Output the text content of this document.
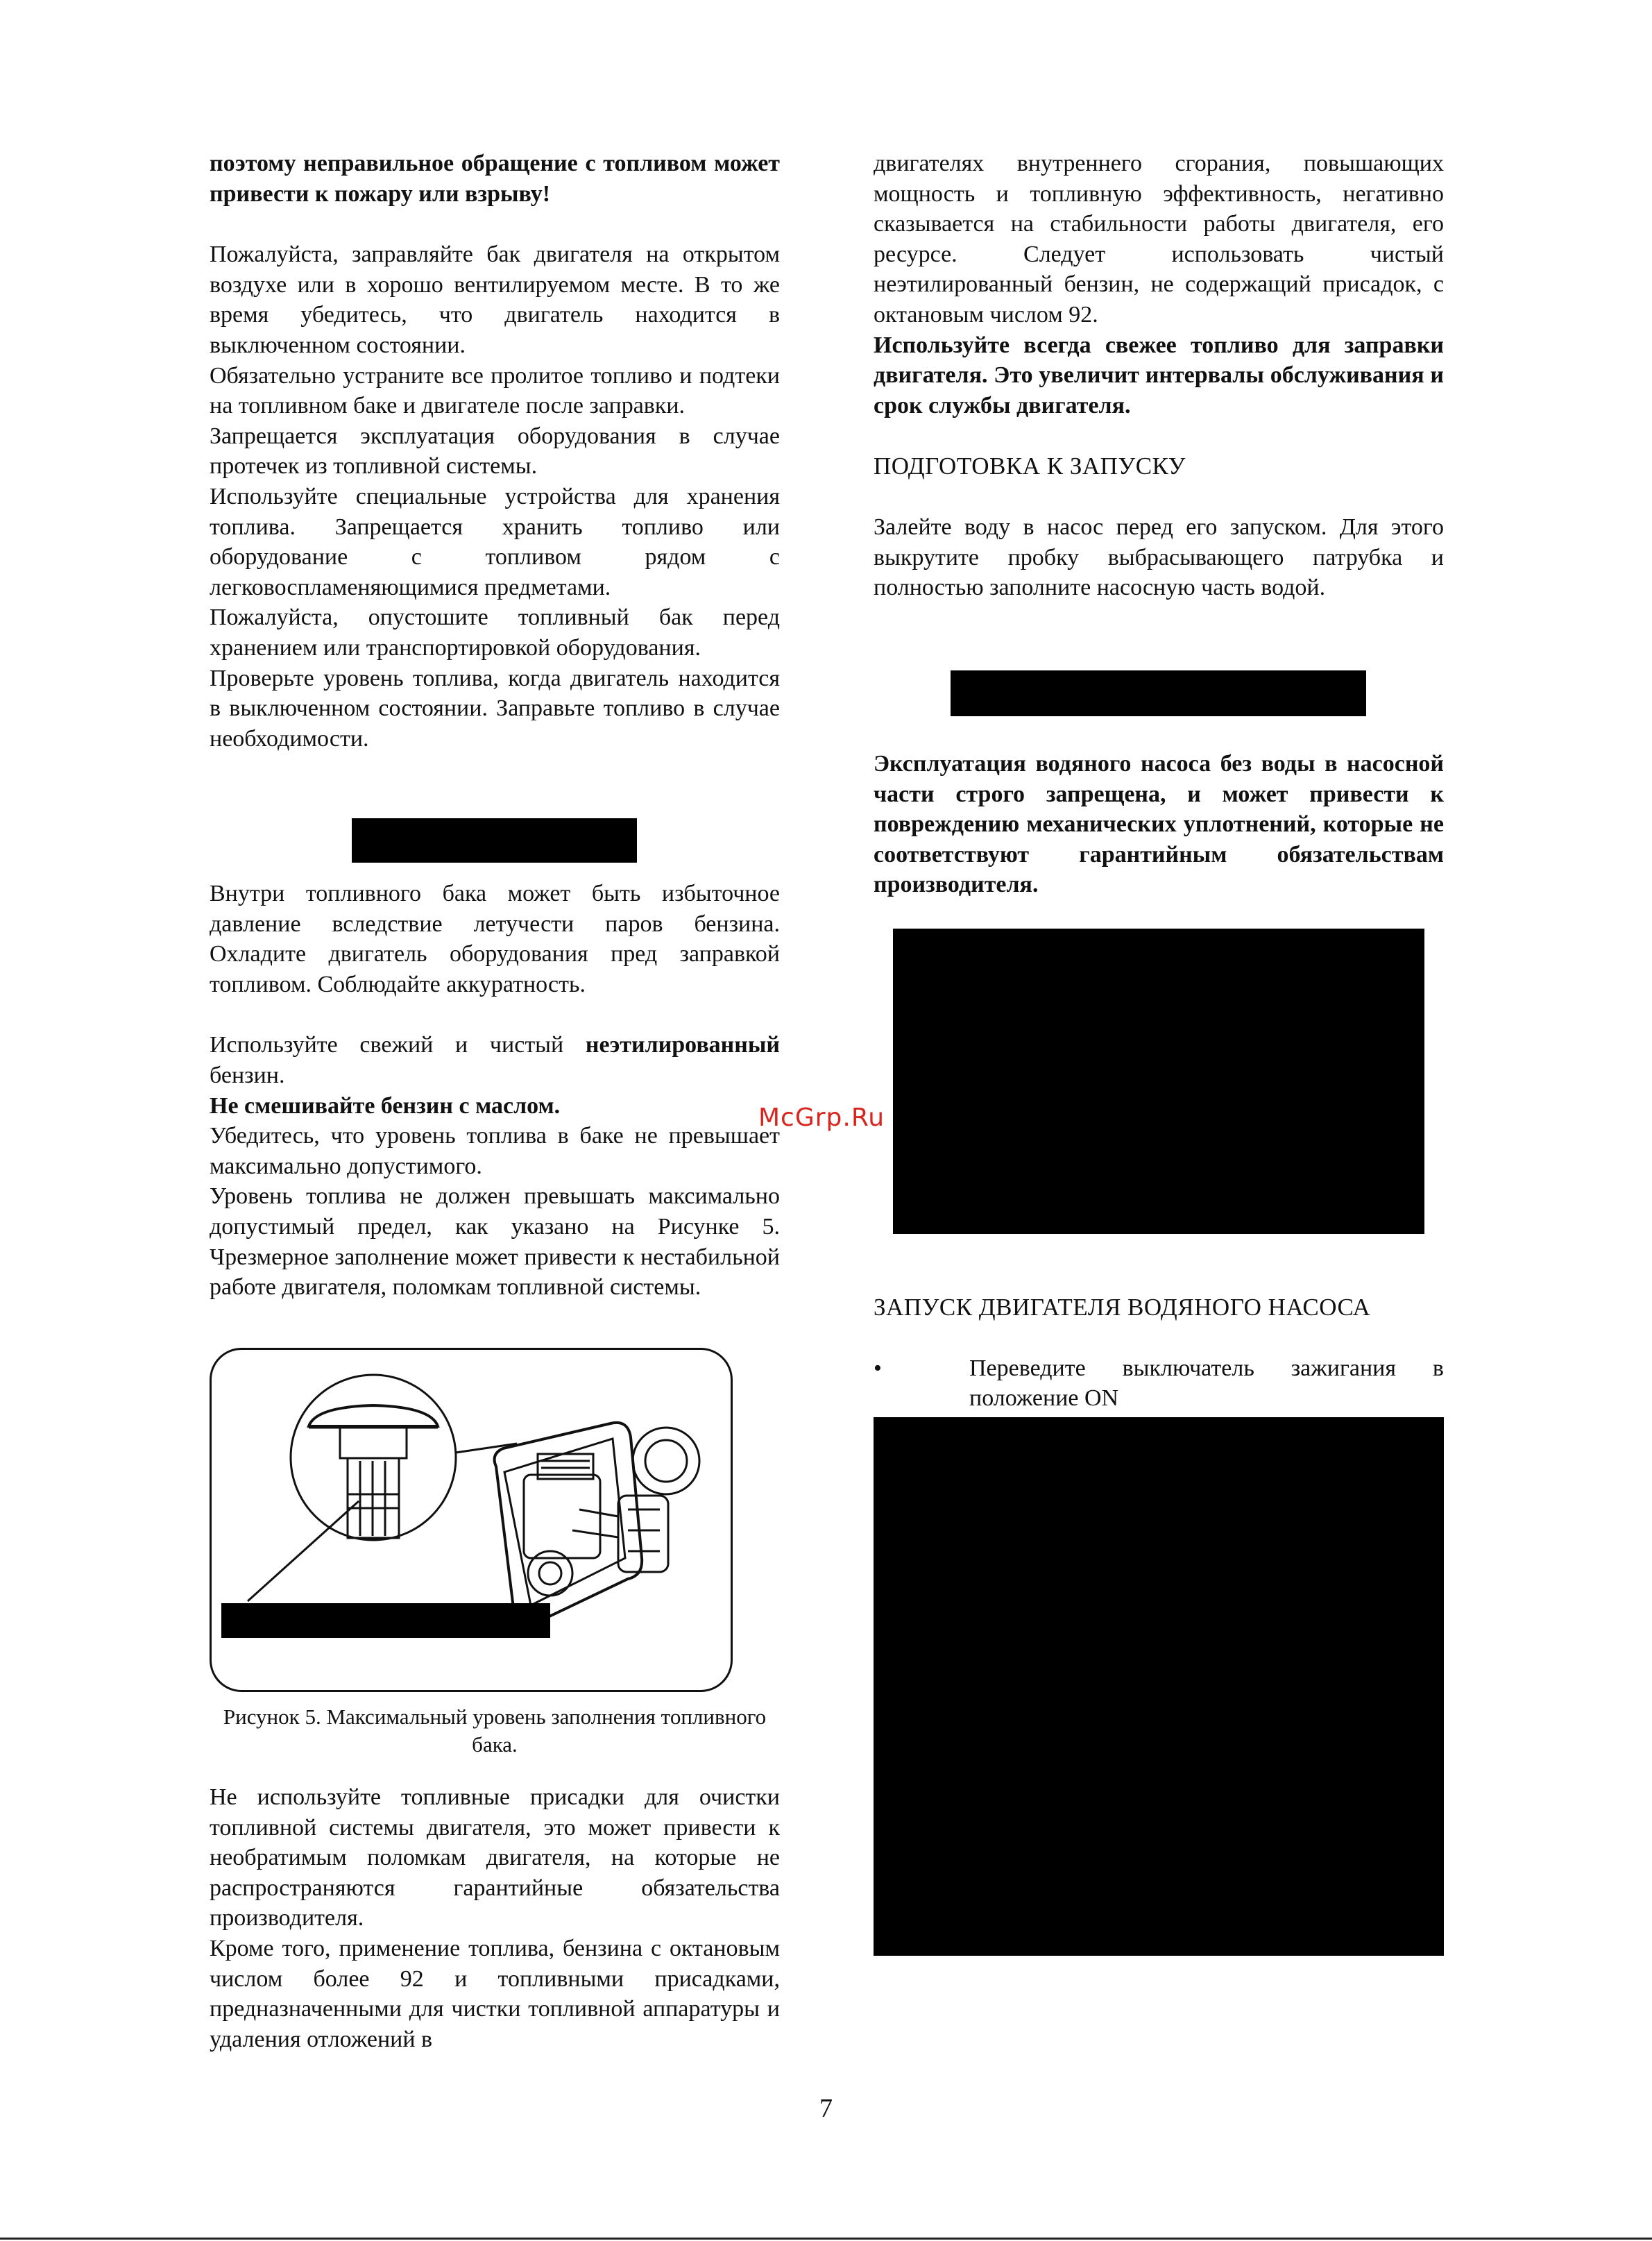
поэтому неправильное обращение с топливом может привести к пожару или взрыву!

Пожалуйста, заправляйте бак двигателя на открытом воздухе или в хорошо вентилируемом месте. В то же время убедитесь, что двигатель находится в выключенном состоянии.

Обязательно устраните все пролитое топливо и подтеки на топливном баке и двигателе после заправки.

Запрещается эксплуатация оборудования в случае протечек из топливной системы.

Используйте специальные устройства для хранения топлива. Запрещается хранить топливо или оборудование с топливом рядом с легковоспламеняющимися предметами.

Пожалуйста, опустошите топливный бак перед хранением или транспортировкой оборудования.

Проверьте уровень топлива, когда двигатель находится в выключенном состоянии. Заправьте топливо в случае необходимости.

Внутри топливного бака может быть избыточное давление вследствие летучести паров бензина. Охладите двигатель оборудования пред заправкой топливом. Соблюдайте аккуратность.

Используйте свежий и чистый неэтилированный бензин.

Не смешивайте бензин с маслом.

Убедитесь, что уровень топлива в баке не превышает максимально допустимого.

Уровень топлива не должен превышать максимально допустимый предел, как указано на Рисунке 5. Чрезмерное заполнение может привести к нестабильной работе двигателя, поломкам топливной системы.

Рисунок 5. Максимальный уровень заполнения топливного бака.

Не используйте топливные присадки для очистки топливной системы двигателя, это может привести к необратимым поломкам двигателя, на которые не распространяются гарантийные обязательства производителя.

Кроме того, применение топлива, бензина с октановым числом более 92 и топливными присадками, предназначенными для чистки топливной аппаратуры и удаления отложений в

двигателях внутреннего сгорания, повышающих мощность и топливную эффективность, негативно сказывается на стабильности работы двигателя, его ресурсе. Следует использовать чистый неэтилированный бензин, не содержащий присадок, с октановым числом 92.

Используйте всегда свежее топливо для заправки двигателя. Это увеличит интервалы обслуживания и срок службы двигателя.

ПОДГОТОВКА К ЗАПУСКУ

Залейте воду в насос перед его запуском. Для этого выкрутите пробку выбрасывающего патрубка и полностью заполните насосную часть водой.

Эксплуатация водяного насоса без воды в насосной части строго запрещена, и может привести к повреждению механических уплотнений, которые не соответствуют гарантийным обязательствам производителя.

ЗАПУСК ДВИГАТЕЛЯ ВОДЯНОГО НАСОСА

•	Переведите выключатель зажигания в положение ON
McGrp.Ru
7
